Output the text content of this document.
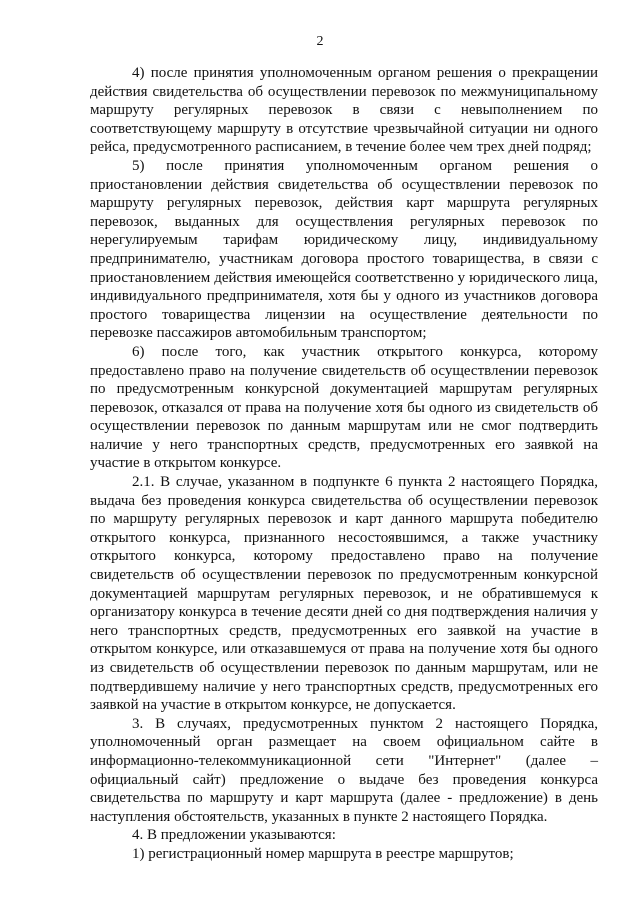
2

4) после принятия уполномоченным органом решения о прекращении действия свидетельства об осуществлении перевозок по межмуниципальному маршруту регулярных перевозок в связи с невыполнением по соответствующему маршруту в отсутствие чрезвычайной ситуации ни одного рейса, предусмотренного расписанием, в течение более чем трех дней подряд;

5) после принятия уполномоченным органом решения о приостановлении действия свидетельства об осуществлении перевозок по маршруту регулярных перевозок, действия карт маршрута регулярных перевозок, выданных для осуществления регулярных перевозок по нерегулируемым тарифам юридическому лицу, индивидуальному предпринимателю, участникам договора простого товарищества, в связи с приостановлением действия имеющейся соответственно у юридического лица, индивидуального предпринимателя, хотя бы у одного из участников договора простого товарищества лицензии на осуществление деятельности по перевозке пассажиров автомобильным транспортом;

6) после того, как участник открытого конкурса, которому предоставлено право на получение свидетельств об осуществлении перевозок по предусмотренным конкурсной документацией маршрутам регулярных перевозок, отказался от права на получение хотя бы одного из свидетельств об осуществлении перевозок по данным маршрутам или не смог подтвердить наличие у него транспортных средств, предусмотренных его заявкой на участие в открытом конкурсе.

2.1. В случае, указанном в подпункте 6 пункта 2 настоящего Порядка, выдача без проведения конкурса свидетельства об осуществлении перевозок по маршруту регулярных перевозок и карт данного маршрута победителю открытого конкурса, признанного несостоявшимся, а также участнику открытого конкурса, которому предоставлено право на получение свидетельств об осуществлении перевозок по предусмотренным конкурсной документацией маршрутам регулярных перевозок, и не обратившемуся к организатору конкурса в течение десяти дней со дня подтверждения наличия у него транспортных средств, предусмотренных его заявкой на участие в открытом конкурсе, или отказавшемуся от права на получение хотя бы одного из свидетельств об осуществлении перевозок по данным маршрутам, или не подтвердившему наличие у него транспортных средств, предусмотренных его заявкой на участие в открытом конкурсе, не допускается.

3. В случаях, предусмотренных пунктом 2 настоящего Порядка, уполномоченный орган размещает на своем официальном сайте в информационно-телекоммуникационной сети "Интернет" (далее – официальный сайт) предложение о выдаче без проведения конкурса свидетельства по маршруту и карт маршрута (далее - предложение) в день наступления обстоятельств, указанных в пункте 2 настоящего Порядка.

4. В предложении указываются:

1) регистрационный номер маршрута в реестре маршрутов;
